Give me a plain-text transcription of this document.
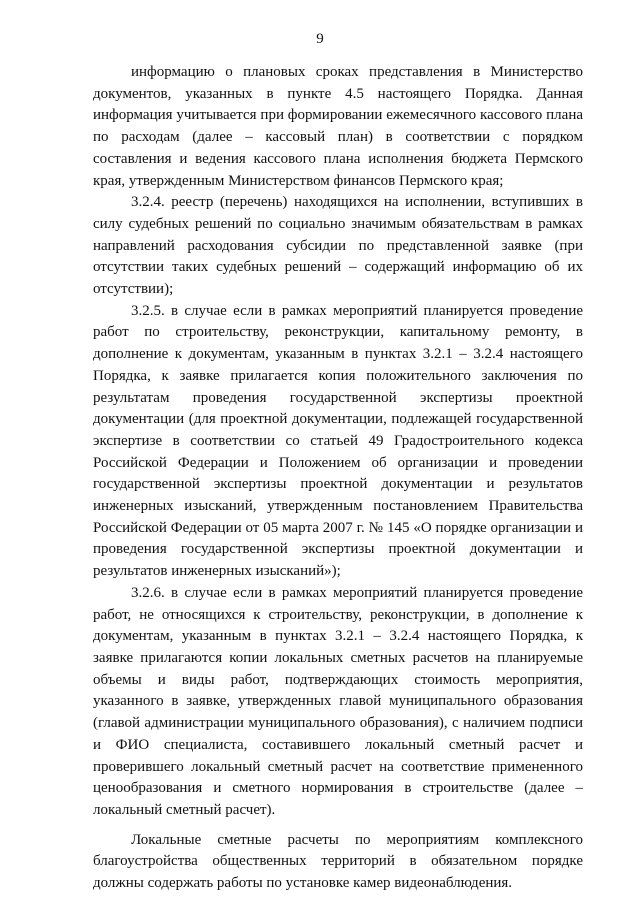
9

информацию о плановых сроках представления в Министерство документов, указанных в пункте 4.5 настоящего Порядка. Данная информация учитывается при формировании ежемесячного кассового плана по расходам (далее – кассовый план) в соответствии с порядком составления и ведения кассового плана исполнения бюджета Пермского края, утвержденным Министерством финансов Пермского края;

3.2.4. реестр (перечень) находящихся на исполнении, вступивших в силу судебных решений по социально значимым обязательствам в рамках направлений расходования субсидии по представленной заявке (при отсутствии таких судебных решений – содержащий информацию об их отсутствии);

3.2.5. в случае если в рамках мероприятий планируется проведение работ по строительству, реконструкции, капитальному ремонту, в дополнение к документам, указанным в пунктах 3.2.1 – 3.2.4 настоящего Порядка, к заявке прилагается копия положительного заключения по результатам проведения государственной экспертизы проектной документации (для проектной документации, подлежащей государственной экспертизе в соответствии со статьей 49 Градостроительного кодекса Российской Федерации и Положением об организации и проведении государственной экспертизы проектной документации и результатов инженерных изысканий, утвержденным постановлением Правительства Российской Федерации от 05 марта 2007 г. № 145 «О порядке организации и проведения государственной экспертизы проектной документации и результатов инженерных изысканий»);

3.2.6. в случае если в рамках мероприятий планируется проведение работ, не относящихся к строительству, реконструкции, в дополнение к документам, указанным в пунктах 3.2.1 – 3.2.4 настоящего Порядка, к заявке прилагаются копии локальных сметных расчетов на планируемые объемы и виды работ, подтверждающих стоимость мероприятия, указанного в заявке, утвержденных главой муниципального образования (главой администрации муниципального образования), с наличием подписи и ФИО специалиста, составившего локальный сметный расчет и проверившего локальный сметный расчет на соответствие примененного ценообразования и сметного нормирования в строительстве (далее – локальный сметный расчет).

Локальные сметные расчеты по мероприятиям комплексного благоустройства общественных территорий в обязательном порядке должны содержать работы по установке камер видеонаблюдения.
